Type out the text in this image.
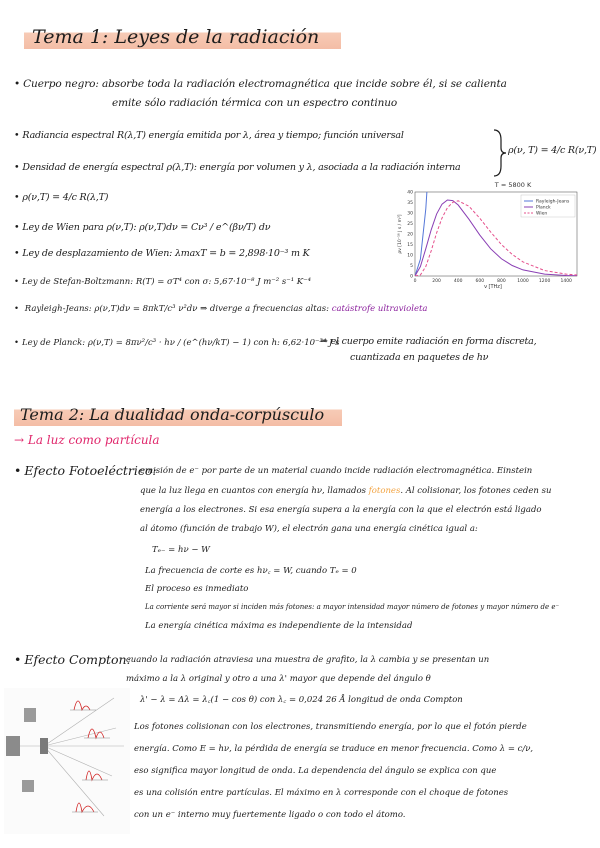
Tema 1: Leyes de la radiación
• Cuerpo negro: absorbe toda la radiación electromagnética que incide sobre él, si se calienta
emite sólo radiación térmica con un espectro continuo
• Radiancia espectral R(λ,T) energía emitida por λ, área y tiempo; función universal
• Densidad de energía espectral ρ(λ,T): energía por volumen y λ, asociada a la radiación interna
ρ(ν, T) = 4/c R(ν,T)
• ρ(ν,T) = 4/c R(λ,T)
• Ley de Wien para ρ(ν,T): ρ(ν,T)dν = Cν³ / e^(βν/T) dν
• Ley de desplazamiento de Wien: λmaxT = b = 2,898·10⁻³ m K
• Ley de Stefan-Boltzmann: R(T) = σT⁴ con σ: 5,67·10⁻⁸ J m⁻² s⁻¹ K⁻⁴
• Rayleigh-Jeans: ρ(ν,T)dν = 8πkT/c³ ν²dν ⇒ diverge a frecuencias altas: catástrofe ultravioleta
• Ley de Planck: ρ(ν,T) = 8πν²/c³ · hν / (e^(hν/kT) − 1) con h: 6,62·10⁻³⁴ J s
⇒ el cuerpo emite radiación en forma discreta,
cuantizada en paquetes de hν
T = 5800 K
0	200	400	600	800	1000 1200 1400
0
5
10
15
20
25
30
35
40
ρν [10⁻¹⁶ J s / m³]
ν [THz]
Rayleigh-Jeans
Planck
Wien
Tema 2: La dualidad onda-corpúsculo
→ La luz como partícula
• Efecto Fotoeléctrico:
emisión de e⁻ por parte de un material cuando incide radiación electromagnética. Einstein
que la luz llega en cuantos con energía hν, llamados fotones. Al colisionar, los fotones ceden su
energía a los electrones. Si esa energía supera a la energía con la que el electrón está ligado
al átomo (función de trabajo W), el electrón gana una energía cinética igual a:
Tₑ₋ = hν − W
La frecuencia de corte es hν꜀ = W, cuando Tₑ = 0
El proceso es inmediato
La corriente será mayor si inciden más fotones: a mayor intensidad mayor número de fotones y mayor número de e⁻
La energía cinética máxima es independiente de la intensidad
• Efecto Compton:
cuando la radiación atraviesa una muestra de grafito, la λ cambia y se presentan un
máximo a la λ original y otro a una λ' mayor que depende del ángulo θ
λ' − λ = Δλ = λ꜀(1 − cos θ) con λ꜀ = 0,024 26 Å longitud de onda Compton
Los fotones colisionan con los electrones, transmitiendo energía, por lo que el fotón pierde
energía. Como E = hν, la pérdida de energía se traduce en menor frecuencia. Como λ = c/ν,
eso significa mayor longitud de onda. La dependencia del ángulo se explica con que
es una colisión entre partículas. El máximo en λ corresponde con el choque de fotones
con un e⁻ interno muy fuertemente ligado o con todo el átomo.
